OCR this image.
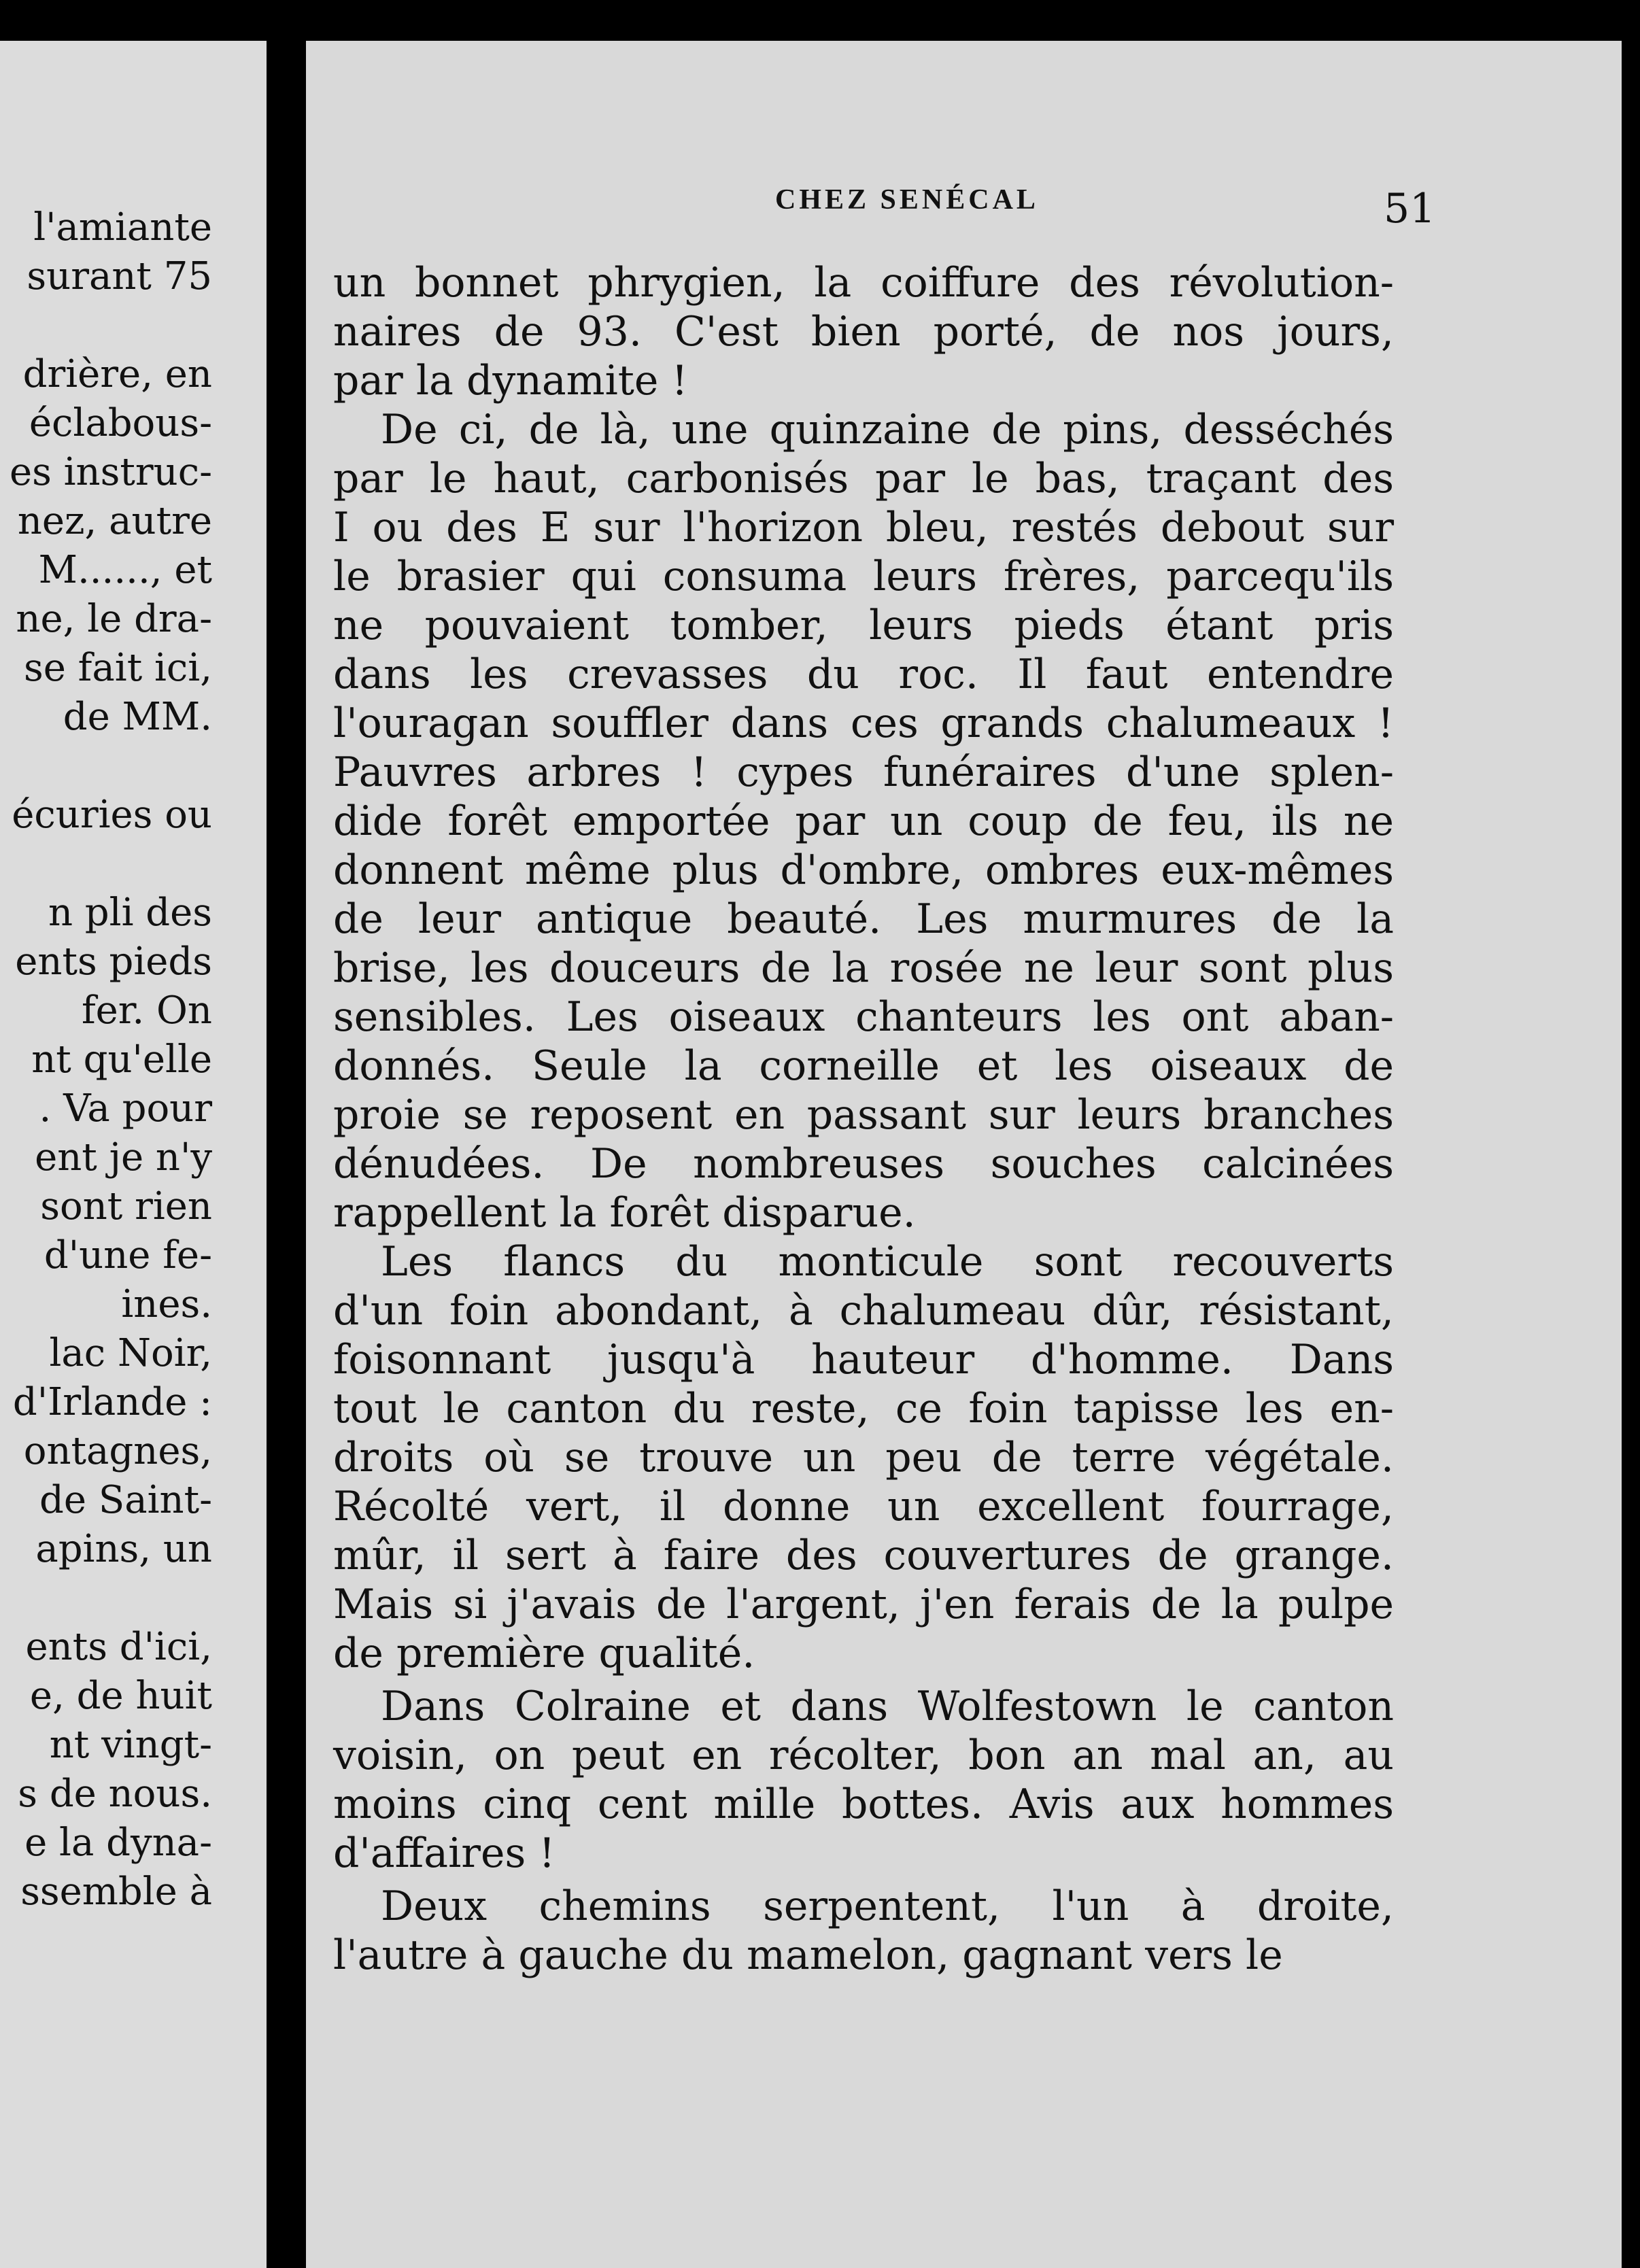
l'amiante
surant 75
drière, en
éclabous-
es instruc-
nez, autre
M......, et
ne, le dra-
se fait ici,
de MM.
écuries ou
n pli des
ents pieds
fer. On
nt qu'elle
. Va pour
ent je n'y
sont rien
d'une fe-
ines.
lac Noir,
d'Irlande :
ontagnes,
de Saint-
apins, un
ents d'ici,
e, de huit
nt vingt-
s de nous.
e la dyna-
ssemble à
CHEZ SENÉCAL	51
un bonnet phrygien, la coiffure des révolution-
naires de 93. C'est bien porté, de nos jours,
par la dynamite !
De ci, de là, une quinzaine de pins, desséchés
par le haut, carbonisés par le bas, traçant des
I ou des E sur l'horizon bleu, restés debout sur
le brasier qui consuma leurs frères, parcequ'ils
ne pouvaient tomber, leurs pieds étant pris
dans les crevasses du roc. Il faut entendre
l'ouragan souffler dans ces grands chalumeaux !
Pauvres arbres ! cypes funéraires d'une splen-
dide forêt emportée par un coup de feu, ils ne
donnent même plus d'ombre, ombres eux-mêmes
de leur antique beauté. Les murmures de la
brise, les douceurs de la rosée ne leur sont plus
sensibles. Les oiseaux chanteurs les ont aban-
donnés. Seule la corneille et les oiseaux de
proie se reposent en passant sur leurs branches
dénudées. De nombreuses souches calcinées
rappellent la forêt disparue.
Les flancs du monticule sont recouverts
d'un foin abondant, à chalumeau dûr, résistant,
foisonnant jusqu'à hauteur d'homme. Dans
tout le canton du reste, ce foin tapisse les en-
droits où se trouve un peu de terre végétale.
Récolté vert, il donne un excellent fourrage,
mûr, il sert à faire des couvertures de grange.
Mais si j'avais de l'argent, j'en ferais de la pulpe
de première qualité.
Dans Colraine et dans Wolfestown le canton
voisin, on peut en récolter, bon an mal an, au
moins cinq cent mille bottes. Avis aux hommes
d'affaires !
Deux chemins serpentent, l'un à droite,
l'autre à gauche du mamelon, gagnant vers le
